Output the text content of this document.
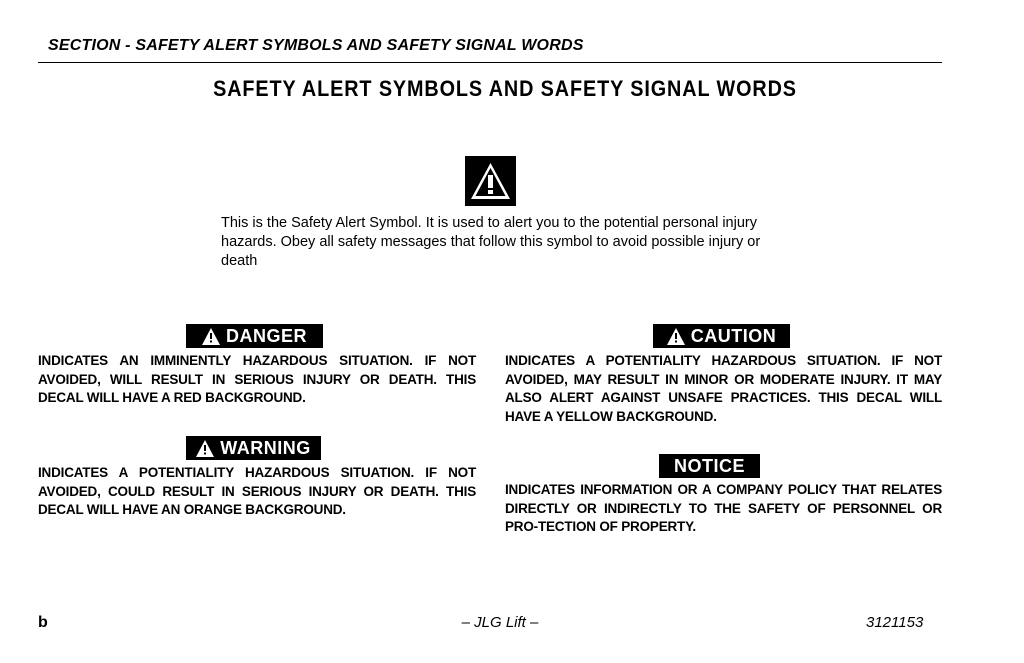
SECTION - SAFETY ALERT SYMBOLS AND SAFETY SIGNAL WORDS
SAFETY ALERT SYMBOLS AND SAFETY SIGNAL WORDS
This is the Safety Alert Symbol. It is used to alert you to the potential personal injury hazards. Obey all safety messages that follow this symbol to avoid possible injury or death
DANGER
INDICATES AN IMMINENTLY HAZARDOUS SITUATION. IF NOT AVOIDED, WILL RESULT IN SERIOUS INJURY OR DEATH. THIS DECAL WILL HAVE A RED BACKGROUND.
WARNING
INDICATES A POTENTIALITY HAZARDOUS SITUATION. IF NOT AVOIDED, COULD RESULT IN SERIOUS INJURY OR DEATH. THIS DECAL WILL HAVE AN ORANGE BACKGROUND.
CAUTION
INDICATES A POTENTIALITY HAZARDOUS SITUATION. IF NOT AVOIDED, MAY RESULT IN MINOR OR MODERATE INJURY. IT MAY ALSO ALERT AGAINST UNSAFE PRACTICES. THIS DECAL WILL HAVE A YELLOW BACKGROUND.
NOTICE
INDICATES INFORMATION OR A COMPANY POLICY THAT RELATES DIRECTLY OR INDIRECTLY TO THE SAFETY OF PERSONNEL OR PRO-TECTION OF PROPERTY.
b	– JLG Lift –	3121153
